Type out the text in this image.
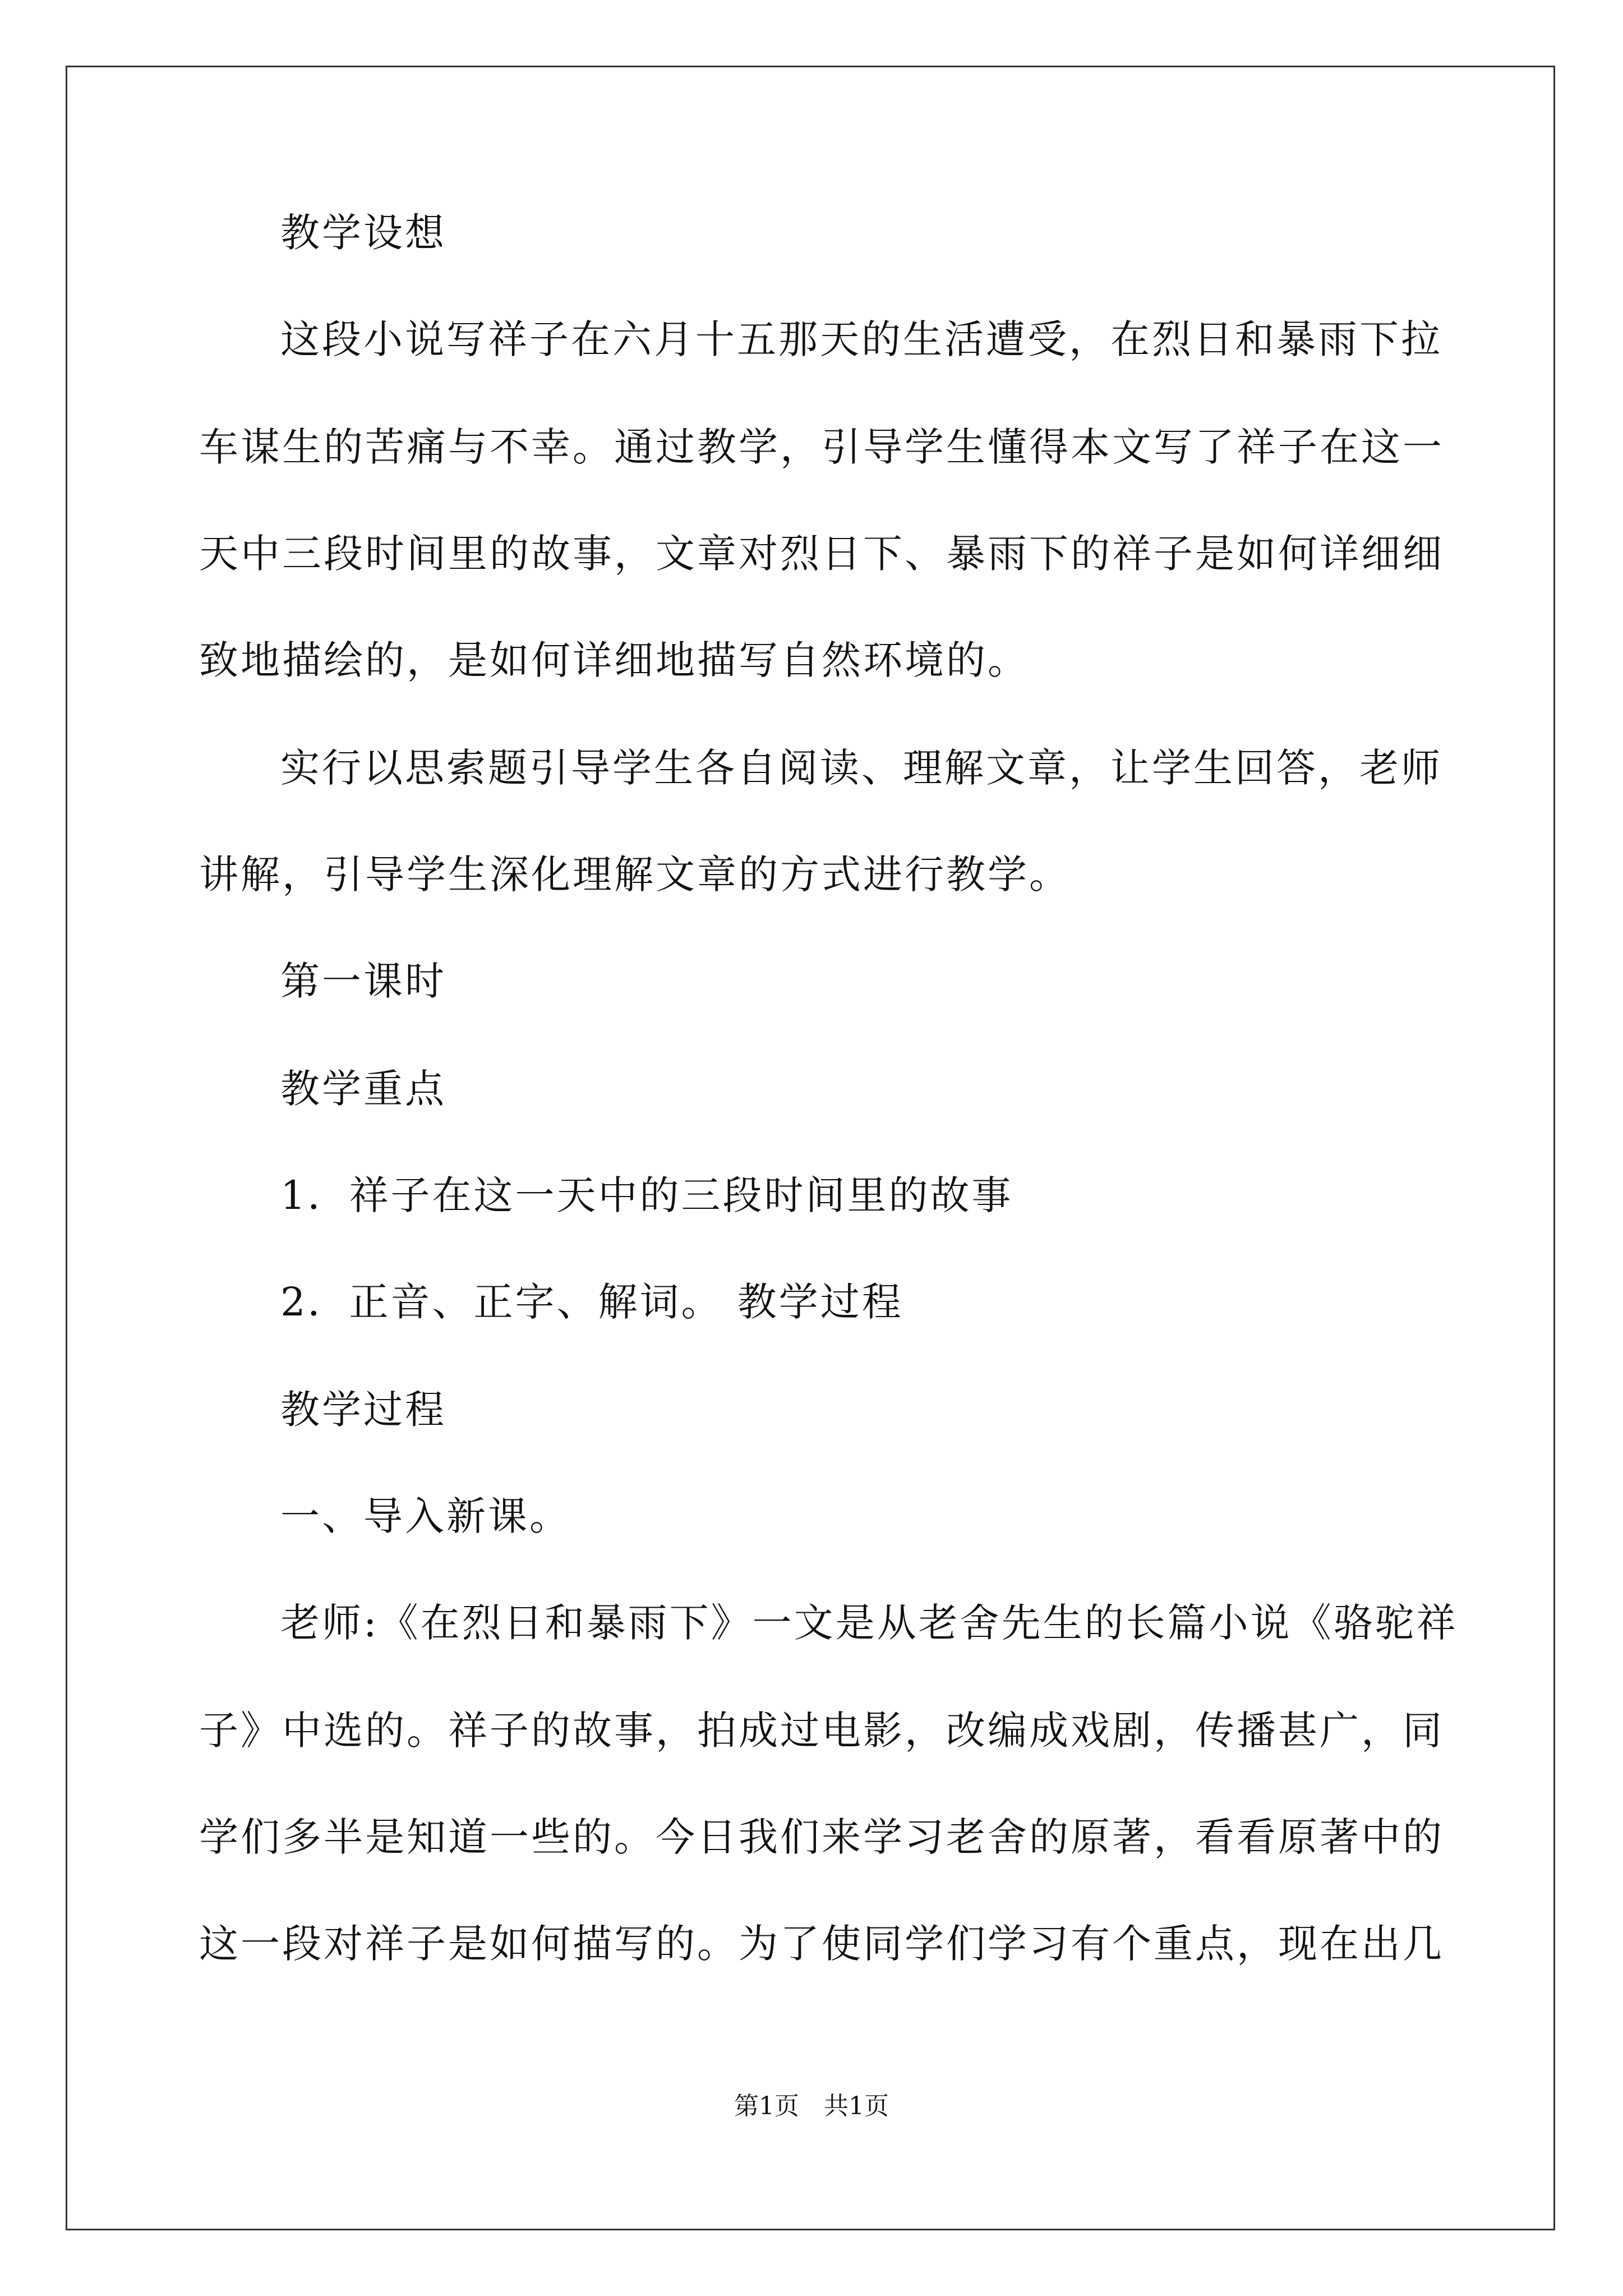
教学设想
这段小说写祥子在六月十五那天的生活遭受，在烈日和暴雨下拉
车谋生的苦痛与不幸。通过教学，引导学生懂得本文写了祥子在这一
天中三段时间里的故事，文章对烈日下、暴雨下的祥子是如何详细细
致地描绘的，是如何详细地描写自然环境的。
实行以思索题引导学生各自阅读、理解文章，让学生回答，老师
讲解，引导学生深化理解文章的方式进行教学。
第一课时
教学重点
1．祥子在这一天中的三段时间里的故事
2．正音、正字、解词。 教学过程
教学过程
一、导入新课。
老师:《在烈日和暴雨下》一文是从老舍先生的长篇小说《骆驼祥
子》中选的。祥子的故事，拍成过电影，改编成戏剧，传播甚广，同
学们多半是知道一些的。今日我们来学习老舍的原著，看看原著中的
这一段对祥子是如何描写的。为了使同学们学习有个重点，现在出几
第1页　共1页
